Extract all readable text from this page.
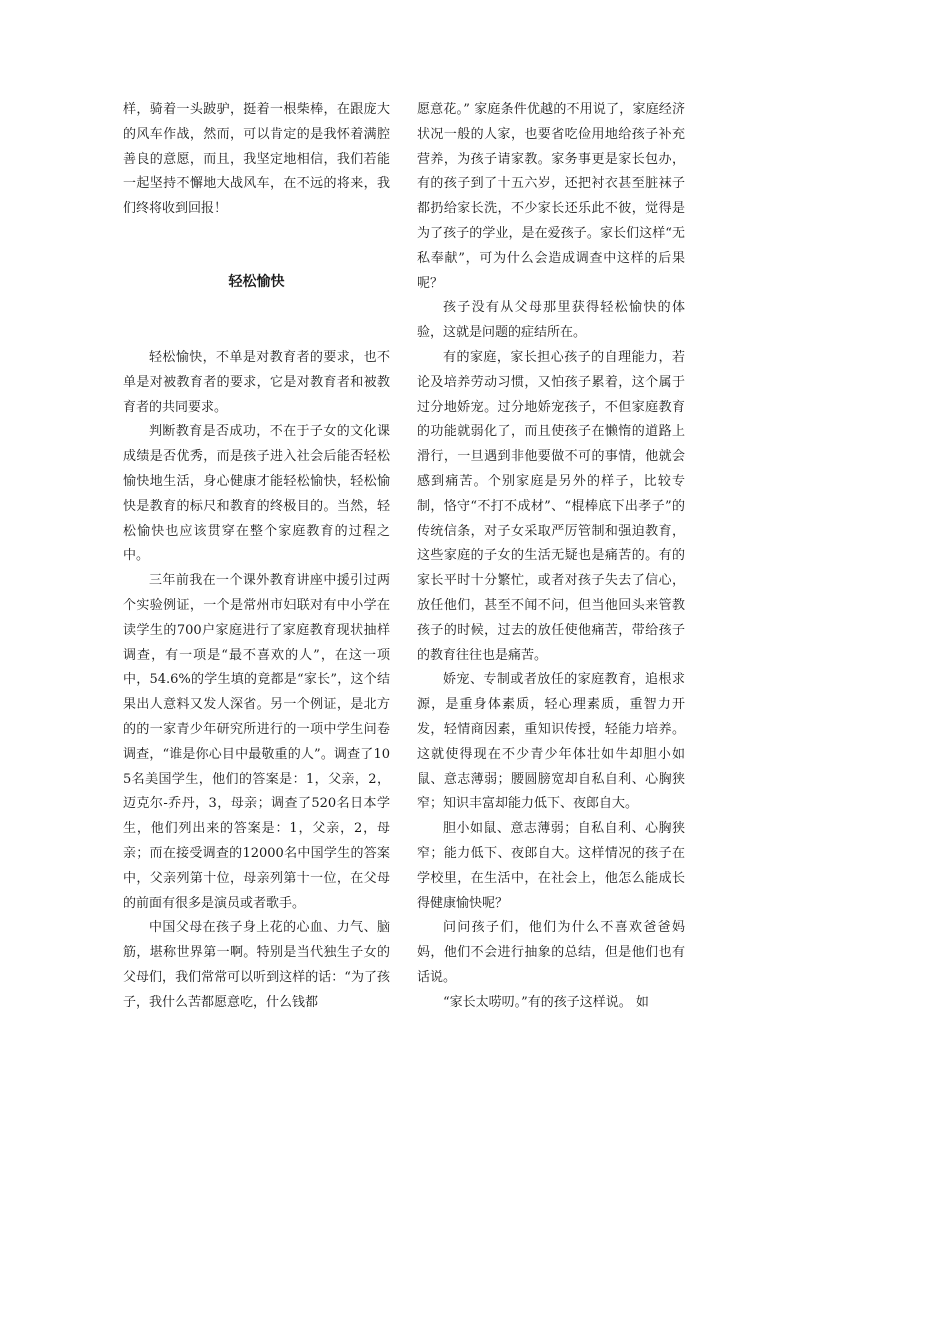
样，骑着一头跛驴，挺着一根柴棒，在跟庞大的风车作战，然而，可以肯定的是我怀着满腔善良的意愿，而且，我坚定地相信，我们若能一起坚持不懈地大战风车，在不远的将来，我们终将收到回报！

轻松愉快

轻松愉快，不单是对教育者的要求，也不单是对被教育者的要求，它是对教育者和被教育者的共同要求。

判断教育是否成功，不在于子女的文化课成绩是否优秀，而是孩子进入社会后能否轻松愉快地生活，身心健康才能轻松愉快，轻松愉快是教育的标尺和教育的终极目的。当然，轻松愉快也应该贯穿在整个家庭教育的过程之中。

三年前我在一个课外教育讲座中援引过两个实验例证，一个是常州市妇联对有中小学在读学生的700户家庭进行了家庭教育现状抽样调查，有一项是“最不喜欢的人”，在这一项中，54.6%的学生填的竟都是“家长”，这个结果出人意料又发人深省。另一个例证，是北方的的一家青少年研究所进行的一项中学生问卷调查，“谁是你心目中最敬重的人”。调查了105名美国学生，他们的答案是：1，父亲，2，迈克尔-乔丹，3，母亲；调查了520名日本学生，他们列出来的答案是：1，父亲，2，母亲；而在接受调查的12000名中国学生的答案中，父亲列第十位，母亲列第十一位，在父母的前面有很多是演员或者歌手。

中国父母在孩子身上花的心血、力气、脑筋，堪称世界第一啊。特别是当代独生子女的父母们，我们常常可以听到这样的话：“为了孩子，我什么苦都愿意吃，什么钱都

愿意花。” 家庭条件优越的不用说了，家庭经济状况一般的人家，也要省吃俭用地给孩子补充营养，为孩子请家教。家务事更是家长包办，有的孩子到了十五六岁，还把衬衣甚至脏袜子都扔给家长洗，不少家长还乐此不彼，觉得是为了孩子的学业，是在爱孩子。家长们这样“无私奉献”，可为什么会造成调查中这样的后果呢？

孩子没有从父母那里获得轻松愉快的体验，这就是问题的症结所在。

有的家庭，家长担心孩子的自理能力，若论及培养劳动习惯，又怕孩子累着，这个属于过分地娇宠。过分地娇宠孩子，不但家庭教育的功能就弱化了，而且使孩子在懒惰的道路上滑行，一旦遇到非他要做不可的事情，他就会感到痛苦。个别家庭是另外的样子，比较专制，恪守“不打不成材”、“棍棒底下出孝子”的传统信条，对子女采取严厉管制和强迫教育，这些家庭的子女的生活无疑也是痛苦的。有的家长平时十分繁忙，或者对孩子失去了信心，放任他们，甚至不闻不问，但当他回头来管教孩子的时候，过去的放任使他痛苦，带给孩子的教育往往也是痛苦。

娇宠、专制或者放任的家庭教育，追根求源，是重身体素质，轻心理素质，重智力开发，轻情商因素，重知识传授，轻能力培养。这就使得现在不少青少年体壮如牛却胆小如鼠、意志薄弱；腰圆膀宽却自私自利、心胸狭窄；知识丰富却能力低下、夜郎自大。

胆小如鼠、意志薄弱；自私自利、心胸狭窄；能力低下、夜郎自大。这样情况的孩子在学校里，在生活中，在社会上，他怎么能成长得健康愉快呢？

问问孩子们，他们为什么不喜欢爸爸妈妈，他们不会进行抽象的总结，但是他们也有话说。

“家长太唠叨。”有的孩子这样说。 如
